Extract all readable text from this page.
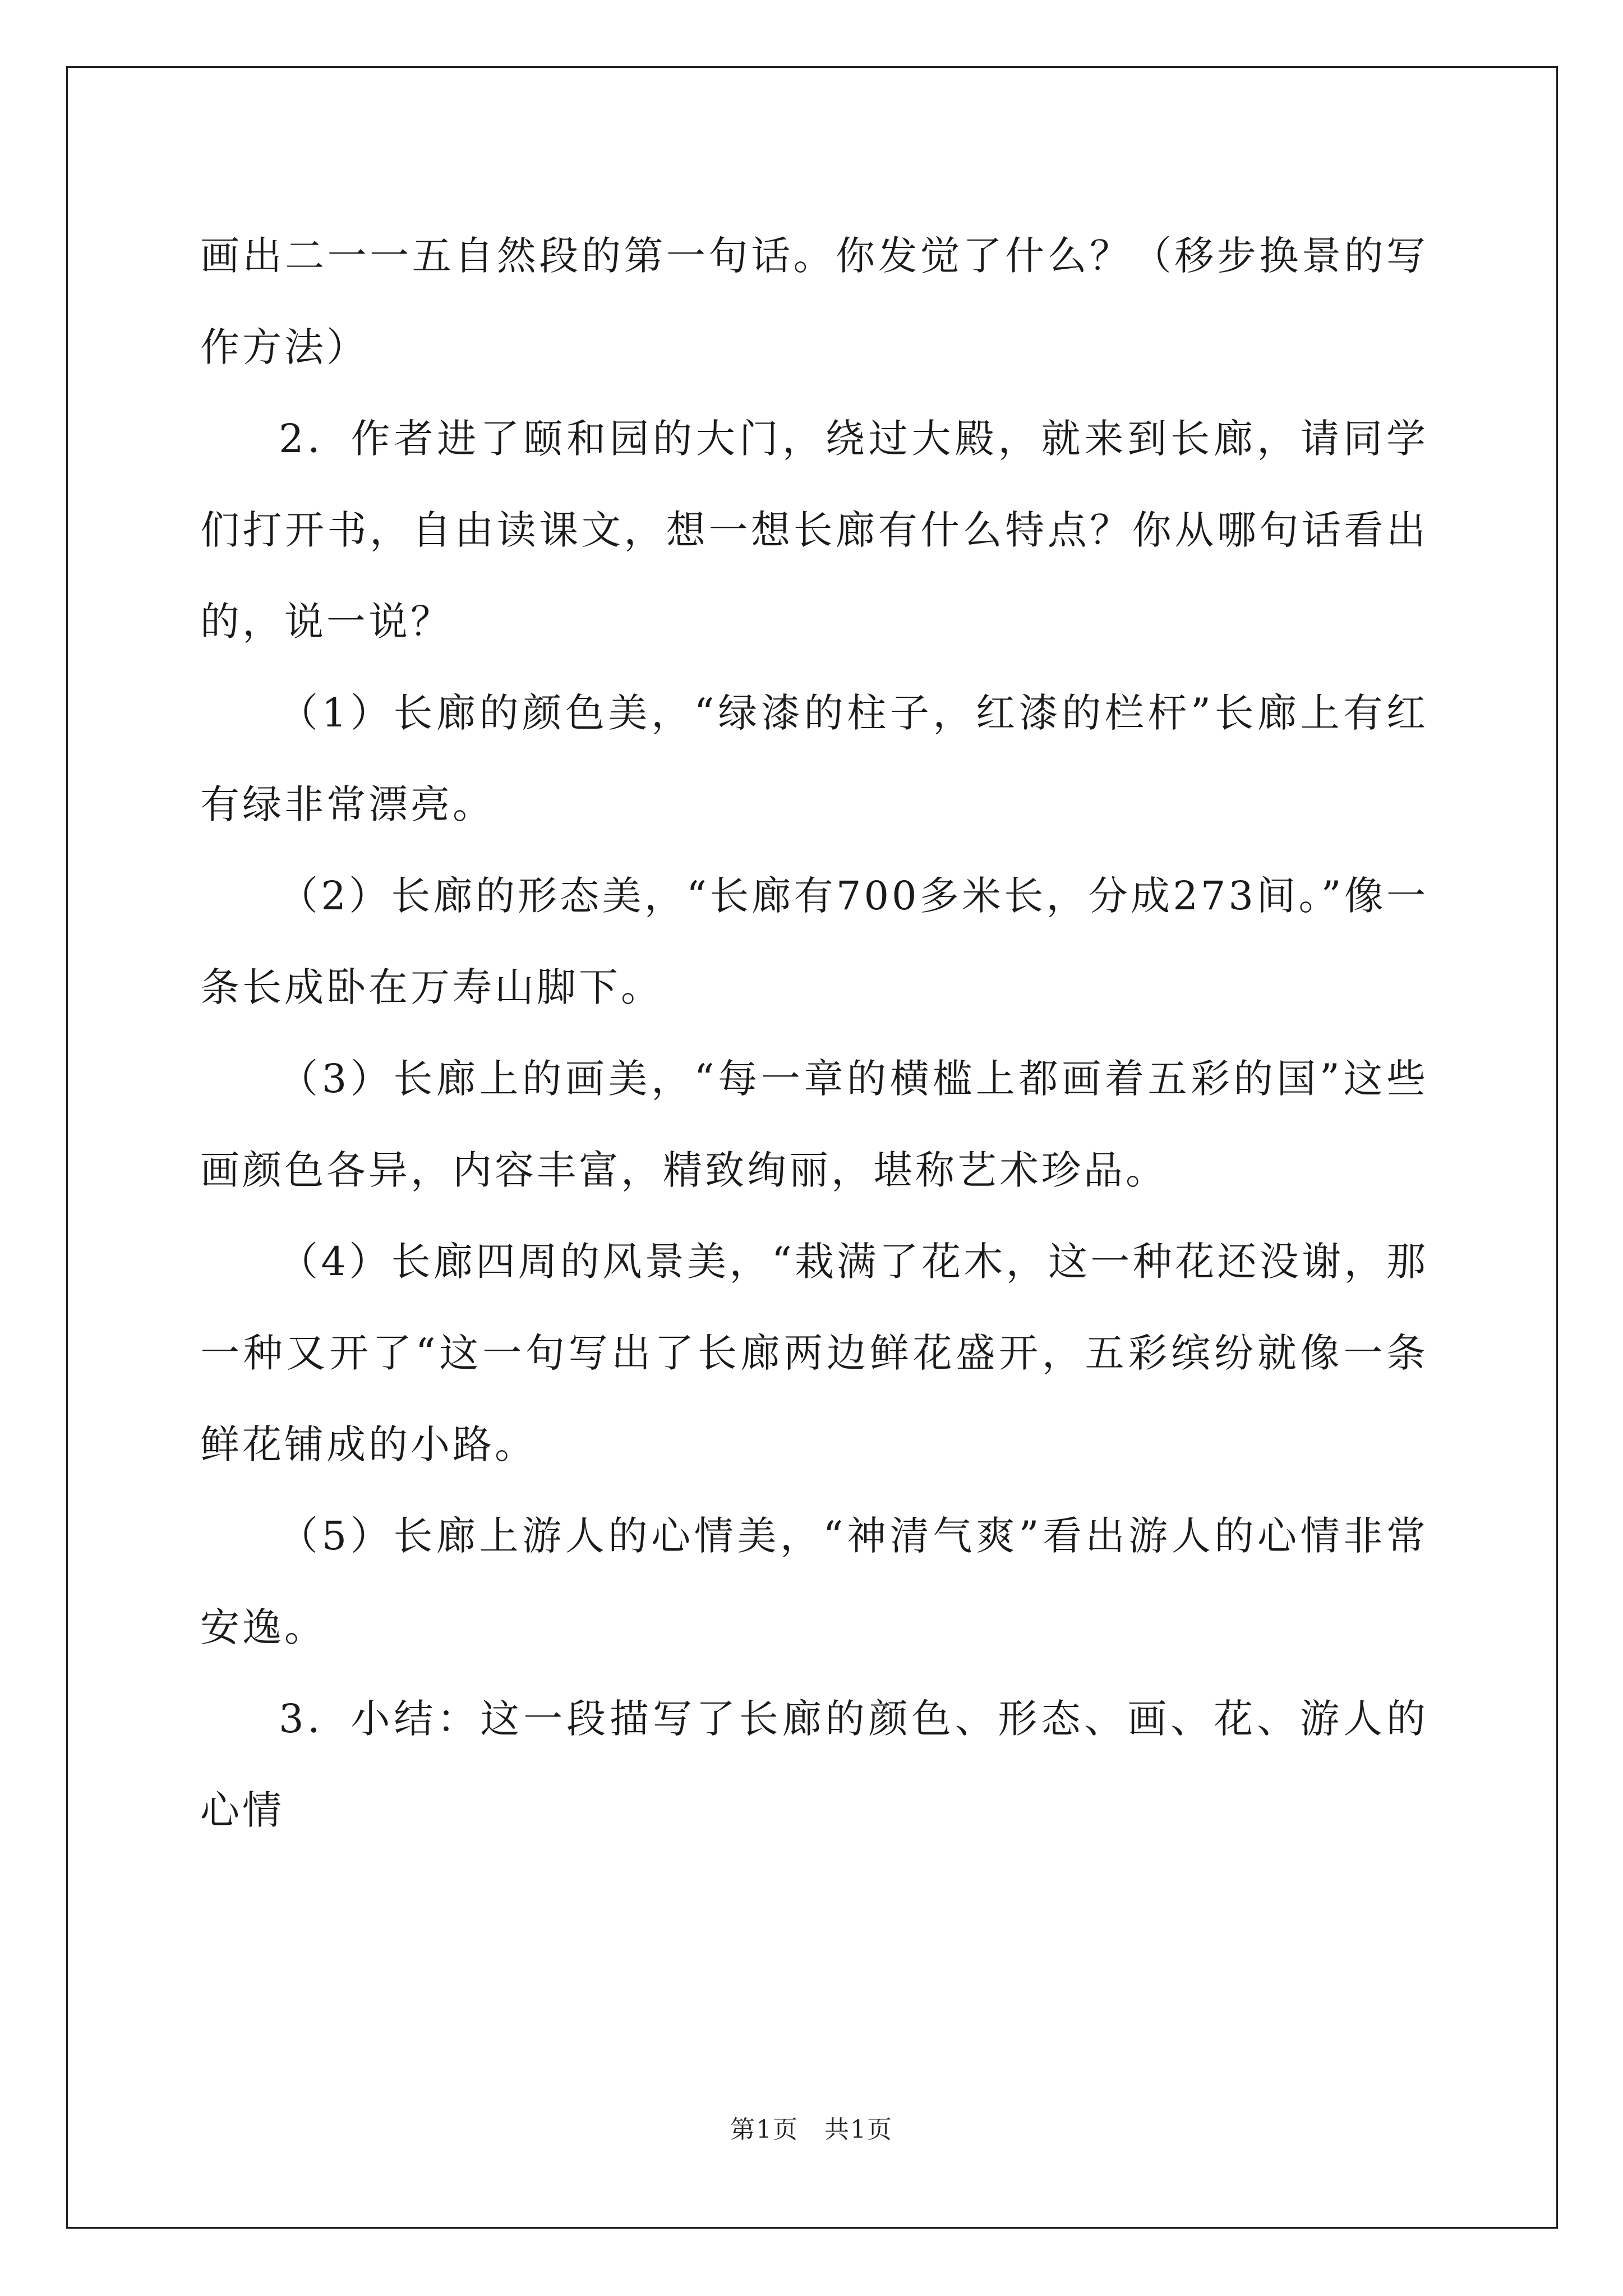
画出二一一五自然段的第一句话。你发觉了什么？（移步换景的写作方法）

2．作者进了颐和园的大门，绕过大殿，就来到长廊，请同学们打开书，自由读课文，想一想长廊有什么特点？你从哪句话看出的，说一说？

（1）长廊的颜色美，“绿漆的柱子，红漆的栏杆”长廊上有红有绿非常漂亮。

（2）长廊的形态美，“长廊有700多米长，分成273间。”像一条长成卧在万寿山脚下。

（3）长廊上的画美，“每一章的横槛上都画着五彩的国”这些画颜色各异，内容丰富，精致绚丽，堪称艺术珍品。

（4）长廊四周的风景美，“栽满了花木，这一种花还没谢，那一种又开了“这一句写出了长廊两边鲜花盛开，五彩缤纷就像一条鲜花铺成的小路。

（5）长廊上游人的心情美，“神清气爽”看出游人的心情非常安逸。

3．小结：这一段描写了长廊的颜色、形态、画、花、游人的心情

第1页　共1页
